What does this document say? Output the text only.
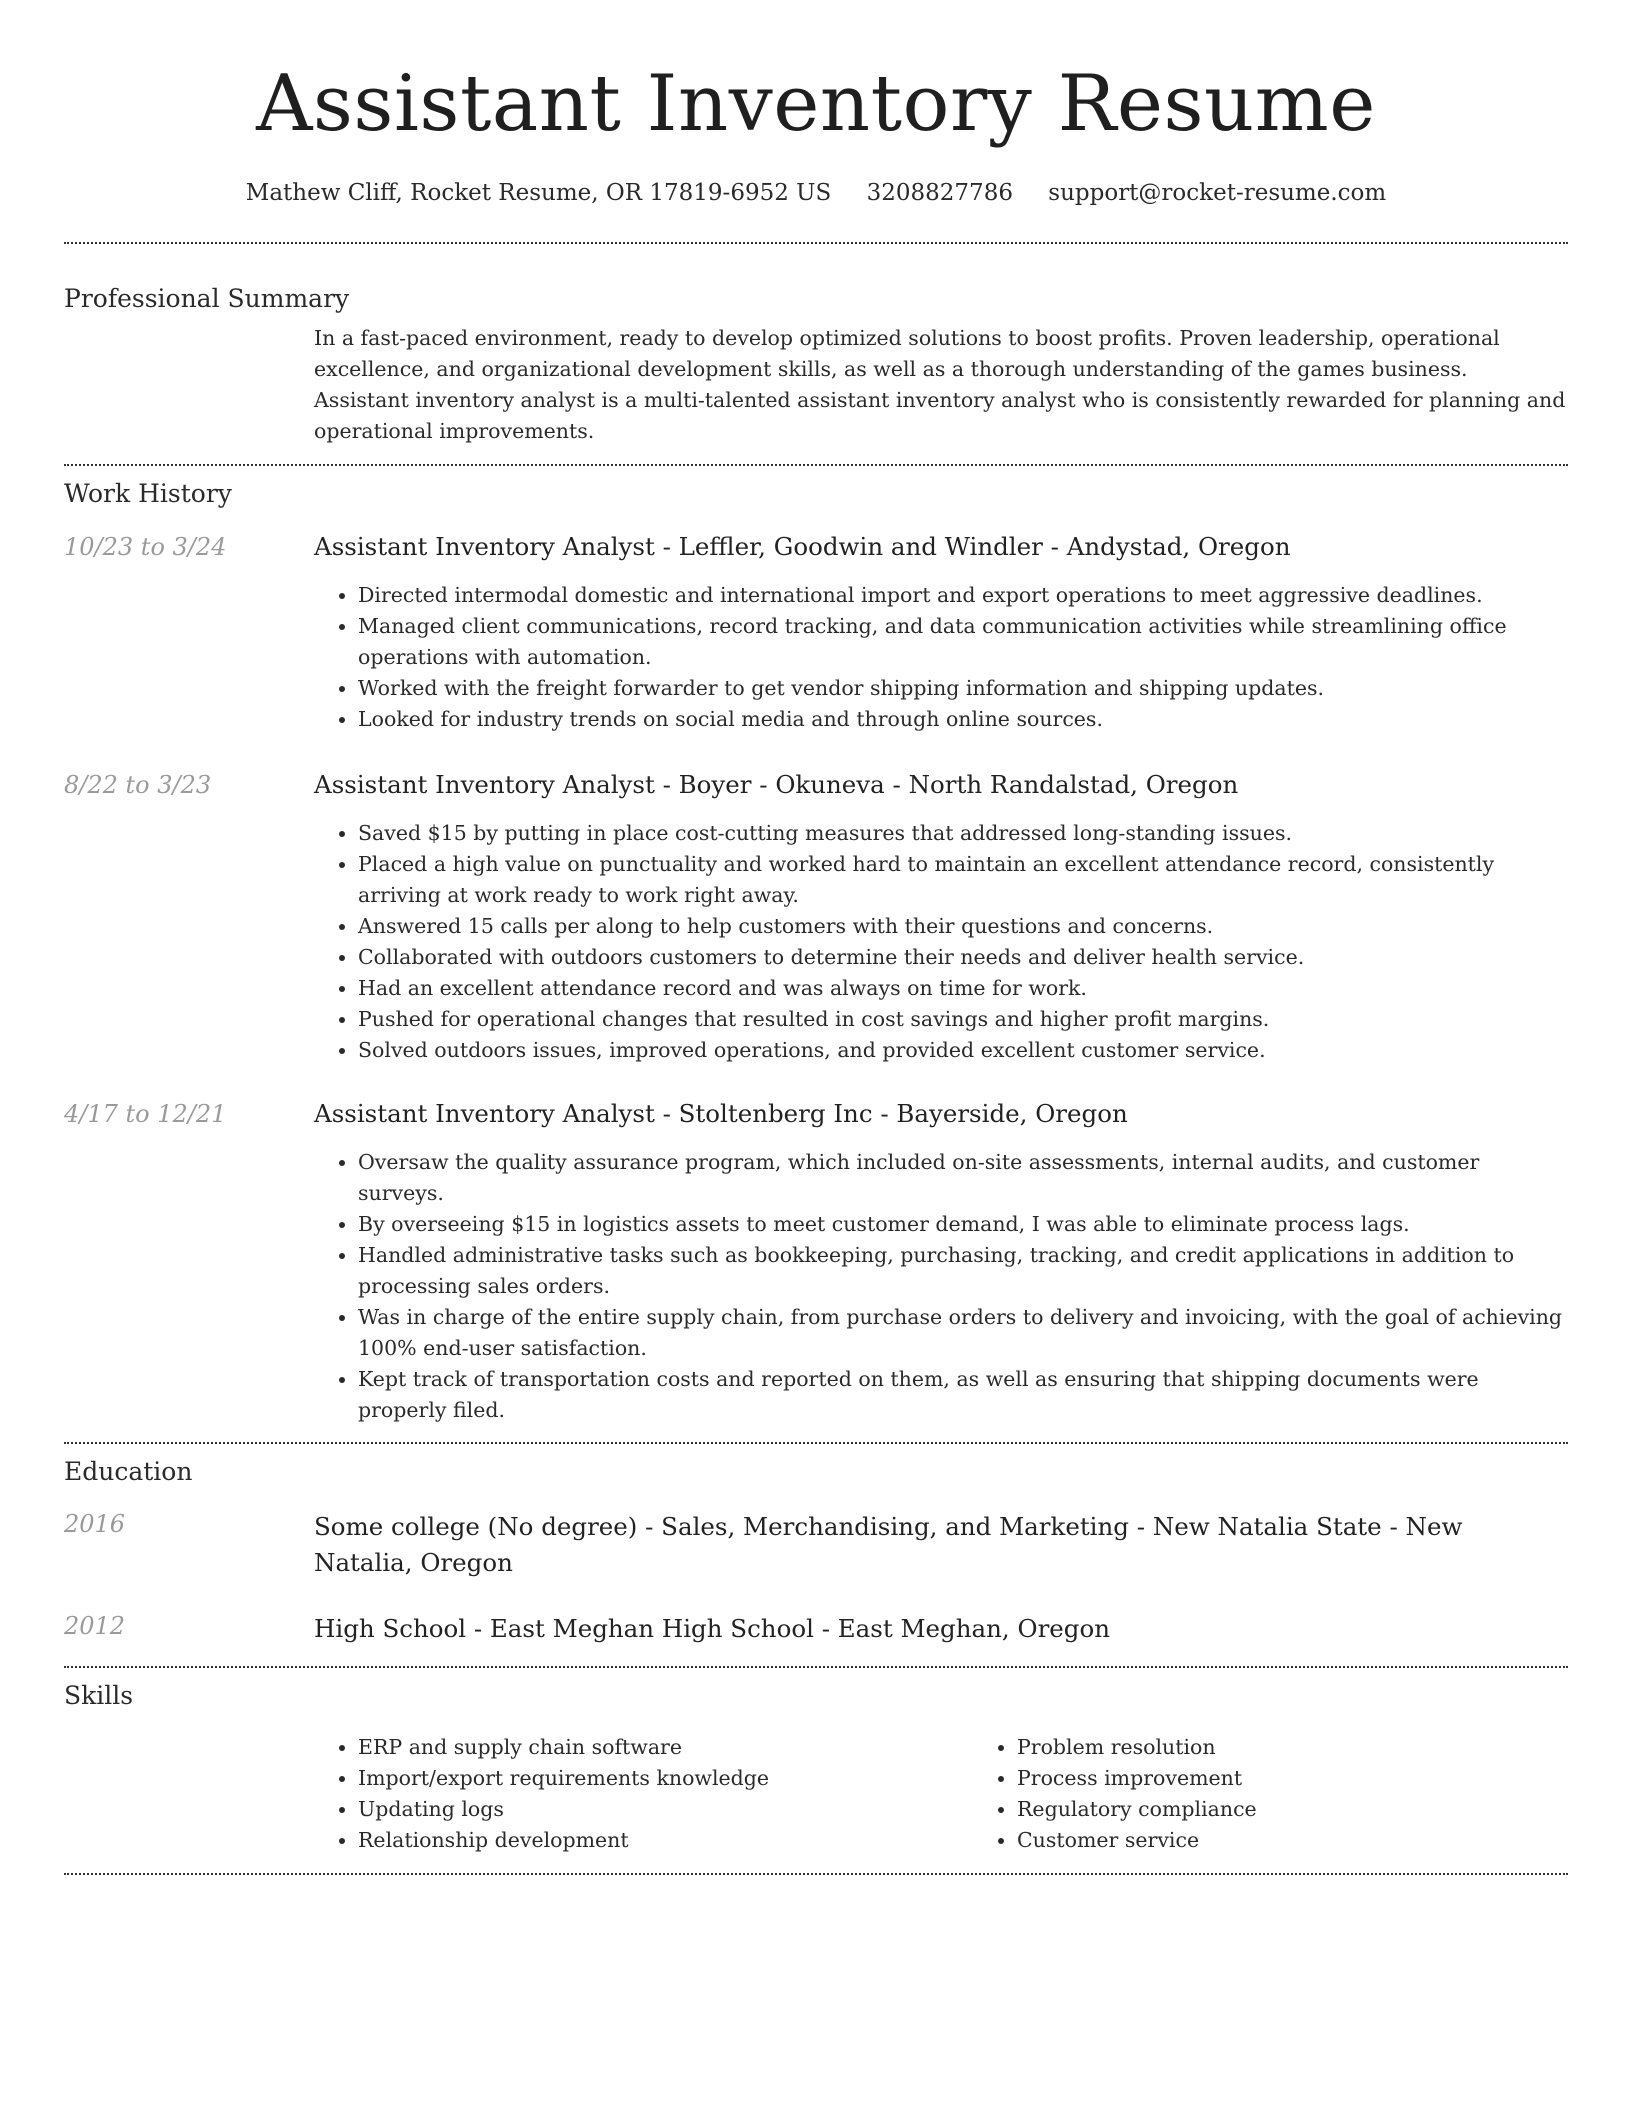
Assistant Inventory Resume
Mathew Cliff, Rocket Resume, OR 17819-6952 US 3208827786 support@rocket-resume.com
Professional Summary
In a fast-paced environment, ready to develop optimized solutions to boost profits. Proven leadership, operational excellence, and organizational development skills, as well as a thorough understanding of the games business. Assistant inventory analyst is a multi-talented assistant inventory analyst who is consistently rewarded for planning and operational improvements.
Work History
10/23 to 3/24	Assistant Inventory Analyst - Leffler, Goodwin and Windler - Andystad, Oregon
• Directed intermodal domestic and international import and export operations to meet aggressive deadlines.
• Managed client communications, record tracking, and data communication activities while streamlining office operations with automation.
• Worked with the freight forwarder to get vendor shipping information and shipping updates.
• Looked for industry trends on social media and through online sources.
8/22 to 3/23	Assistant Inventory Analyst - Boyer - Okuneva - North Randalstad, Oregon
• Saved $15 by putting in place cost-cutting measures that addressed long-standing issues.
• Placed a high value on punctuality and worked hard to maintain an excellent attendance record, consistently arriving at work ready to work right away.
• Answered 15 calls per along to help customers with their questions and concerns.
• Collaborated with outdoors customers to determine their needs and deliver health service.
• Had an excellent attendance record and was always on time for work.
• Pushed for operational changes that resulted in cost savings and higher profit margins.
• Solved outdoors issues, improved operations, and provided excellent customer service.
4/17 to 12/21	Assistant Inventory Analyst - Stoltenberg Inc - Bayerside, Oregon
• Oversaw the quality assurance program, which included on-site assessments, internal audits, and customer surveys.
• By overseeing $15 in logistics assets to meet customer demand, I was able to eliminate process lags.
• Handled administrative tasks such as bookkeeping, purchasing, tracking, and credit applications in addition to processing sales orders.
• Was in charge of the entire supply chain, from purchase orders to delivery and invoicing, with the goal of achieving 100% end-user satisfaction.
• Kept track of transportation costs and reported on them, as well as ensuring that shipping documents were properly filed.
Education
2016	Some college (No degree) - Sales, Merchandising, and Marketing - New Natalia State - New Natalia, Oregon
2012	High School - East Meghan High School - East Meghan, Oregon
Skills
• ERP and supply chain software
• Import/export requirements knowledge
• Updating logs
• Relationship development
• Problem resolution
• Process improvement
• Regulatory compliance
• Customer service
